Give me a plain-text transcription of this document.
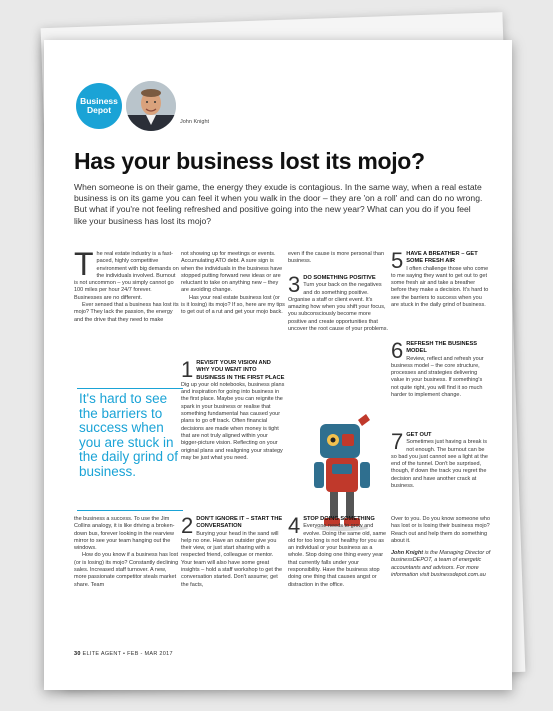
Business
Depot
John Knight
Has your business lost its mojo?
When someone is on their game, the energy they exude is contagious. In the same way, when a real estate business is on its game you can feel it when you walk in the door – they are 'on a roll' and can do no wrong. But what if you're not feeling refreshed and positive going into the new year? What can you do if you feel like your business has lost its mojo?
The real estate industry is a fast-paced, highly competitive environment with big demands on the individuals involved. Burnout is not uncommon – you simply cannot go 100 miles per hour 24/7 forever. Businesses are no different.

Ever sensed that a business has lost its mojo? They lack the passion, the energy and the drive that they need to make

It's hard to see the barriers to success when you are stuck in the daily grind of business.

the business a success. To use the Jim Collins analogy, it is like driving a broken-down bus, forever looking in the rearview mirror to see your team hanging out the windows.

How do you know if a business has lost (or is losing) its mojo? Constantly declining sales. Increased staff turnover. A new, more passionate competitor steals market share. Team

not showing up for meetings or events. Accumulating ATO debt. A sure sign is when the individuals in the business have stopped putting forward new ideas or are reluctant to take on anything new – they are avoiding change.

Has your real estate business lost (or is it losing) its mojo? If so, here are my tips to get out of a rut and get your mojo back.

1 REVISIT YOUR VISION AND WHY YOU WENT INTO BUSINESS IN THE FIRST PLACE
Dig up your old notebooks, business plans and inspiration for going into business in the first place. Maybe you can reignite the spark in your business or realise that something fundamental has caused your plans to go off track. Often financial decisions are made when money is tight that are not truly aligned within your bigger-picture vision. Reflecting on your original plans and realigning your strategy may be just what you need.
2 DON'T IGNORE IT – START THE CONVERSATION
Burying your head in the sand will help no one. Have an outsider give you their view, or just start sharing with a respected friend, colleague or mentor. Your team will also have some great insights – hold a staff workshop to get the conversation started. Don't assume; get the facts,

even if the cause is more personal than business.

3 DO SOMETHING POSITIVE
Turn your back on the negatives and do something positive. Organise a staff or client event. It's amazing how when you shift your focus, you subconsciously become more positive and create opportunities that uncover the root cause of your problems.
4 STOP DOING SOMETHING
Everyone needs to grow and evolve. Doing the same old, same old for too long is not healthy for you as an individual or your business as a whole. Stop doing one thing every year that currently falls under your responsibility. Have the business stop doing one thing that causes angst or distraction in the office.
5 HAVE A BREATHER – GET SOME FRESH AIR
I often challenge those who come to me saying they want to get out to get some fresh air and take a breather before they make a decision. It's hard to see the barriers to success when you are stuck in the daily grind of business.
6 REFRESH THE BUSINESS MODEL
Review, reflect and refresh your business model – the core structure, processes and strategies delivering value in your business. If something's not quite right, you will find it so much harder to implement change.
7 GET OUT
Sometimes just having a break is not enough. The burnout can be so bad you just cannot see a light at the end of the tunnel. Don't be surprised, though, if down the track you regret the decision and have another crack at business.

Over to you. Do you know someone who has lost or is losing their business mojo? Reach out and help them do something about it.

John Knight is the Managing Director of businessDEPOT, a team of energetic accountants and advisors. For more information visit businessdepot.com.au

30 ELITE AGENT • FEB - MAR 2017
